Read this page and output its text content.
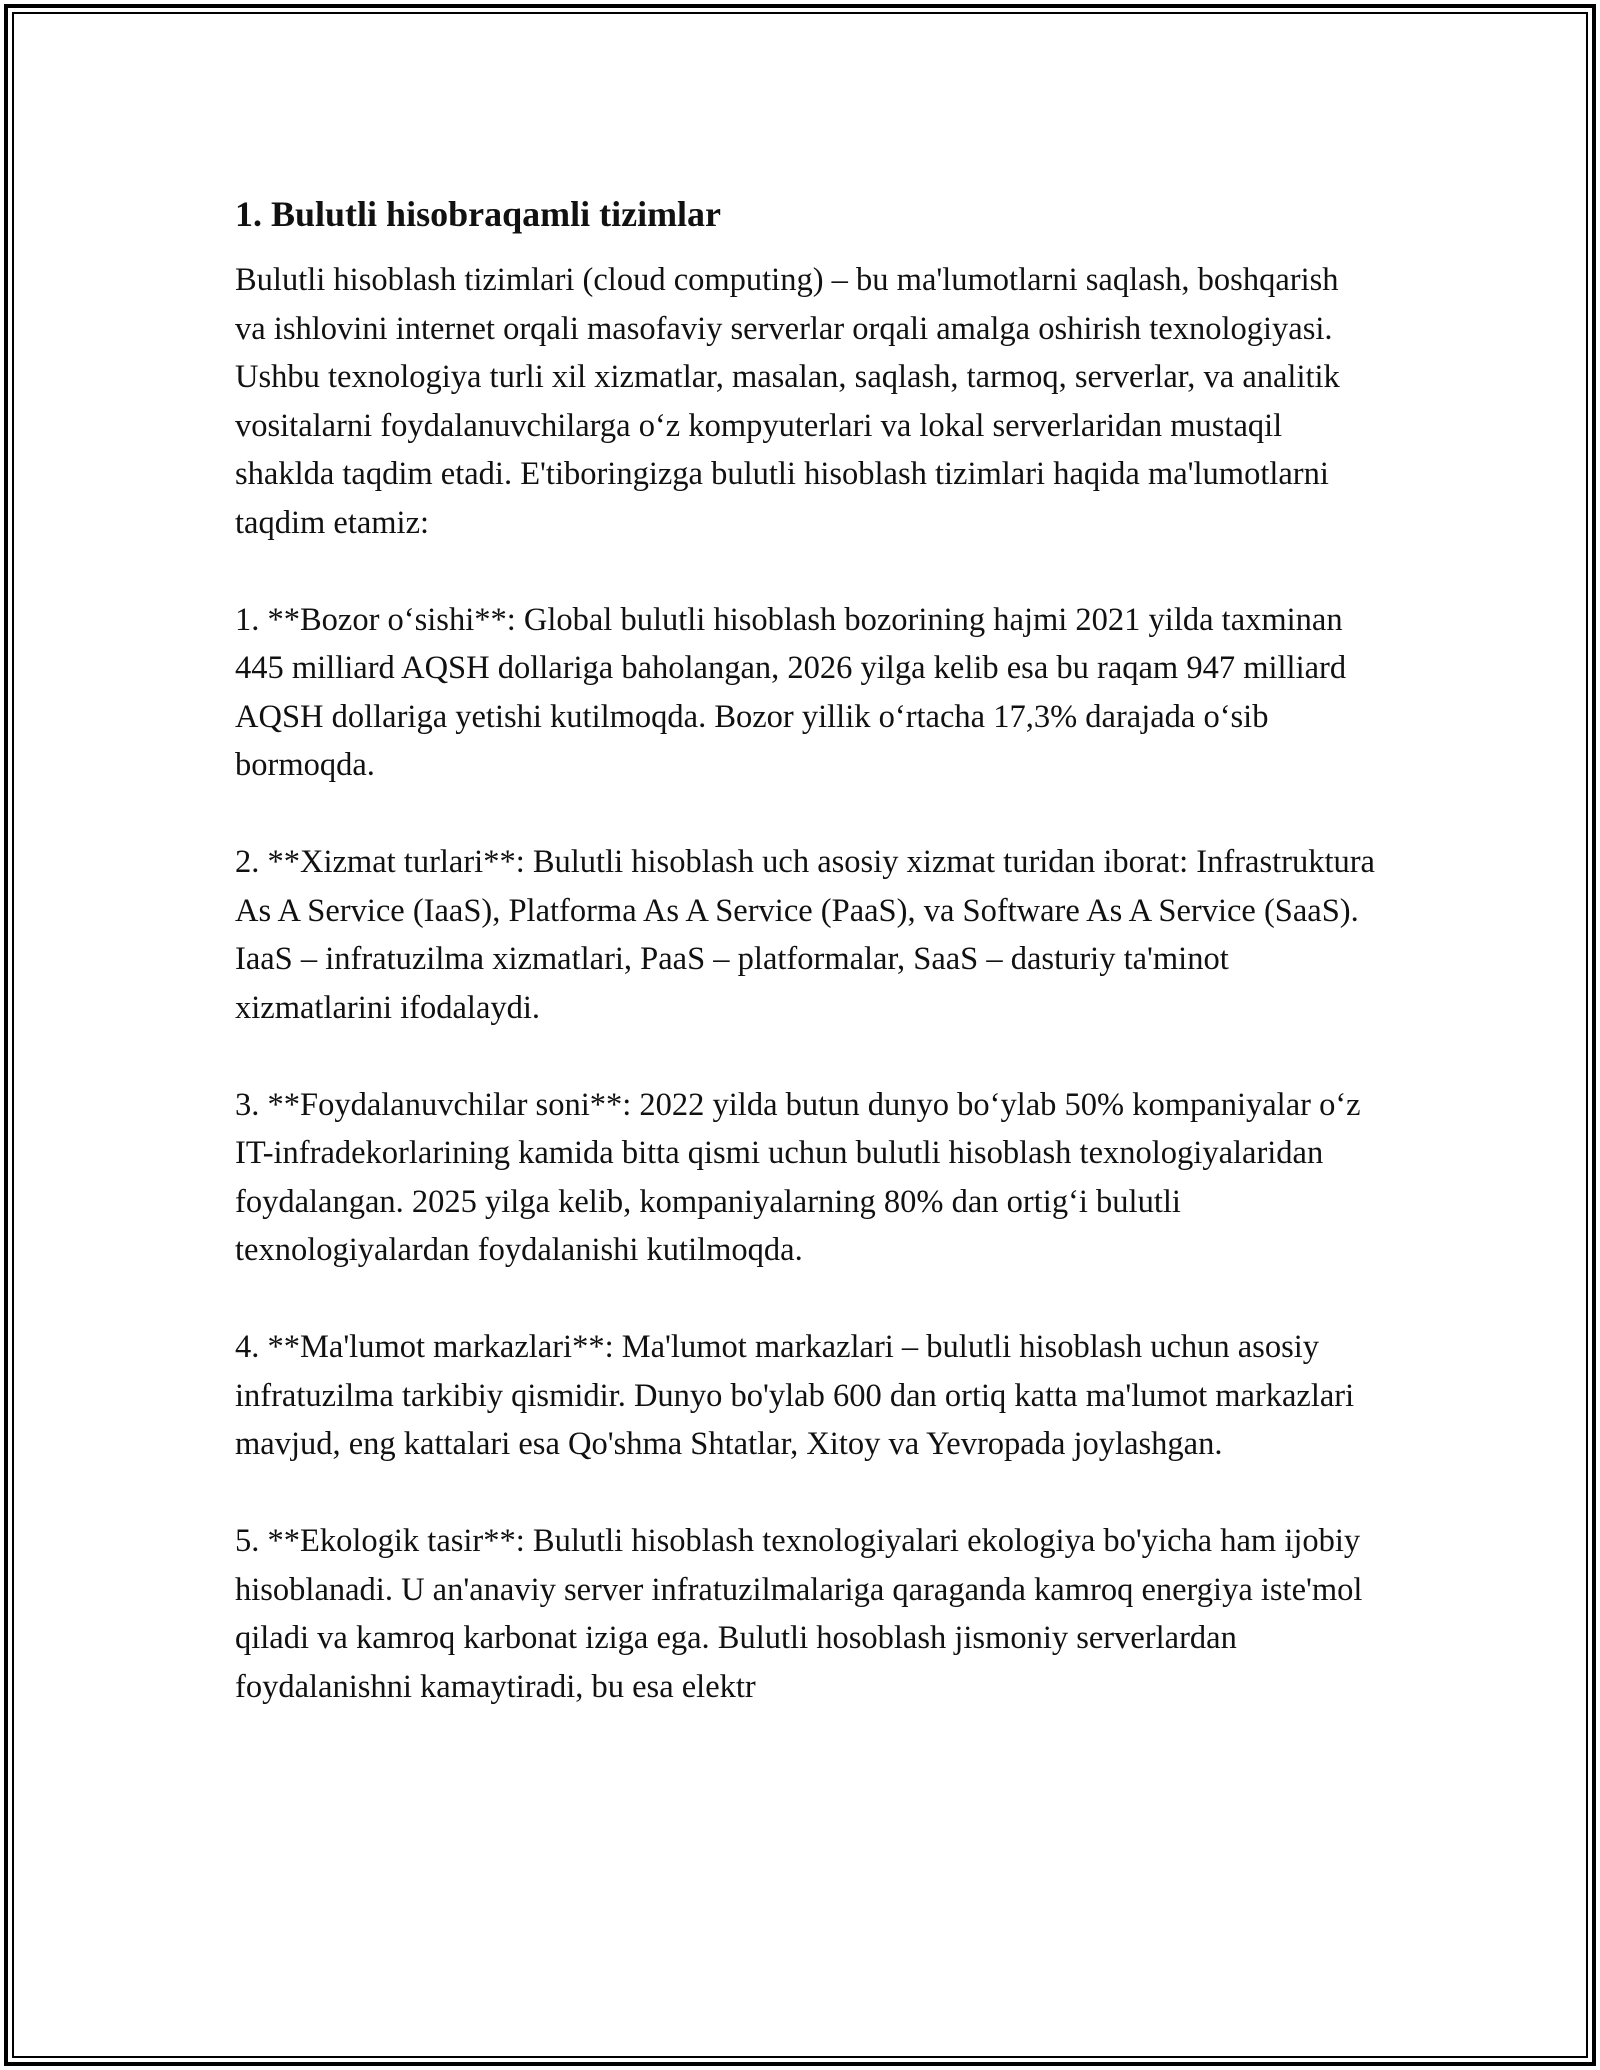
1. Bulutli hisobraqamli tizimlar

Bulutli hisoblash tizimlari (cloud computing) – bu ma'lumotlarni saqlash, boshqarish va ishlovini internet orqali masofaviy serverlar orqali amalga oshirish texnologiyasi. Ushbu texnologiya turli xil xizmatlar, masalan, saqlash, tarmoq, serverlar, va analitik vositalarni foydalanuvchilarga o‘z kompyuterlari va lokal serverlaridan mustaqil shaklda taqdim etadi. E'tiboringizga bulutli hisoblash tizimlari haqida ma'lumotlarni taqdim etamiz:

1. **Bozor o‘sishi**: Global bulutli hisoblash bozorining hajmi 2021 yilda taxminan 445 milliard AQSH dollariga baholangan, 2026 yilga kelib esa bu raqam 947 milliard AQSH dollariga yetishi kutilmoqda. Bozor yillik o‘rtacha 17,3% darajada o‘sib bormoqda.

2. **Xizmat turlari**: Bulutli hisoblash uch asosiy xizmat turidan iborat: Infrastruktura As A Service (IaaS), Platforma As A Service (PaaS), va Software As A Service (SaaS). IaaS – infratuzilma xizmatlari, PaaS – platformalar, SaaS – dasturiy ta'minot xizmatlarini ifodalaydi.

3. **Foydalanuvchilar soni**: 2022 yilda butun dunyo bo‘ylab 50% kompaniyalar o‘z IT-infradekorlarining kamida bitta qismi uchun bulutli hisoblash texnologiyalaridan foydalangan. 2025 yilga kelib, kompaniyalarning 80% dan ortig‘i bulutli texnologiyalardan foydalanishi kutilmoqda.

4. **Ma'lumot markazlari**: Ma'lumot markazlari – bulutli hisoblash uchun asosiy infratuzilma tarkibiy qismidir. Dunyo bo'ylab 600 dan ortiq katta ma'lumot markazlari mavjud, eng kattalari esa Qo'shma Shtatlar, Xitoy va Yevropada joylashgan.

5. **Ekologik tasir**: Bulutli hisoblash texnologiyalari ekologiya bo'yicha ham ijobiy hisoblanadi. U an'anaviy server infratuzilmalariga qaraganda kamroq energiya iste'mol qiladi va kamroq karbonat iziga ega. Bulutli hosoblash jismoniy serverlardan foydalanishni kamaytiradi, bu esa elektr
